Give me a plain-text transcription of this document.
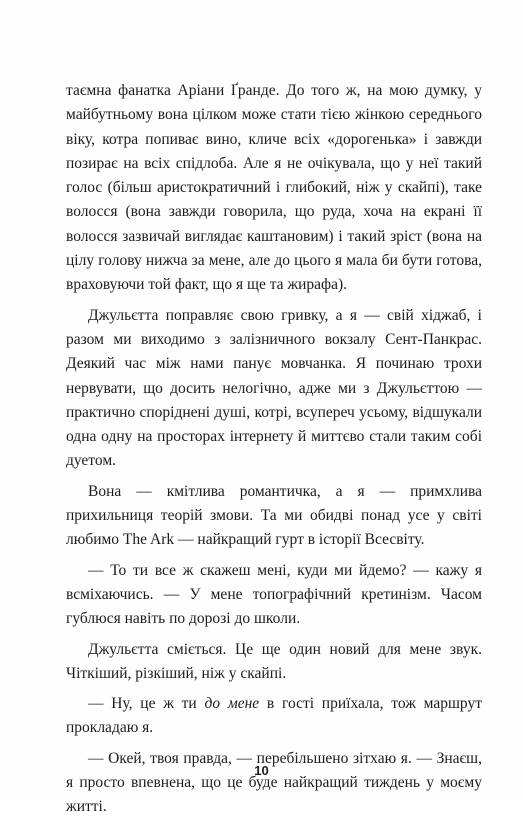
таємна фанатка Аріани Ґранде. До того ж, на мою думку, у майбутньому вона цілком може стати тією жінкою середнього віку, котра попиває вино, кличе всіх «дорогенька» і завжди позирає на всіх спідлоба. Але я не очікувала, що у неї такий голос (більш аристократичний і глибокий, ніж у скайпі), таке волосся (вона завжди говорила, що руда, хоча на екрані її волосся зазвичай виглядає каштановим) і такий зріст (вона на цілу голову нижча за мене, але до цього я мала би бути готова, враховуючи той факт, що я ще та жирафа).

Джульєтта поправляє свою гривку, а я — свій хіджаб, і разом ми виходимо з залізничного вокзалу Сент-Панкрас. Деякий час між нами панує мовчанка. Я починаю трохи нервувати, що досить нелогічно, адже ми з Джульєттою — практично споріднені душі, котрі, всупереч усьому, відшукали одна одну на просторах інтернету й миттєво стали таким собі дуетом.

Вона — кмітлива романтичка, а я — примхлива прихильниця теорій змови. Та ми обидві понад усе у світі любимо The Ark — найкращий гурт в історії Всесвіту.

— То ти все ж скажеш мені, куди ми йдемо? — кажу я всміхаючись. — У мене топографічний кретинізм. Часом гублюся навіть по дорозі до школи.

Джульєтта сміється. Це ще один новий для мене звук. Чіткіший, різкіший, ніж у скайпі.

— Ну, це ж ти до мене в гості приїхала, тож маршрут прокладаю я.

— Окей, твоя правда, — перебільшено зітхаю я. — Знаєш, я просто впевнена, що це буде найкращий тиждень у моєму житті.

10
